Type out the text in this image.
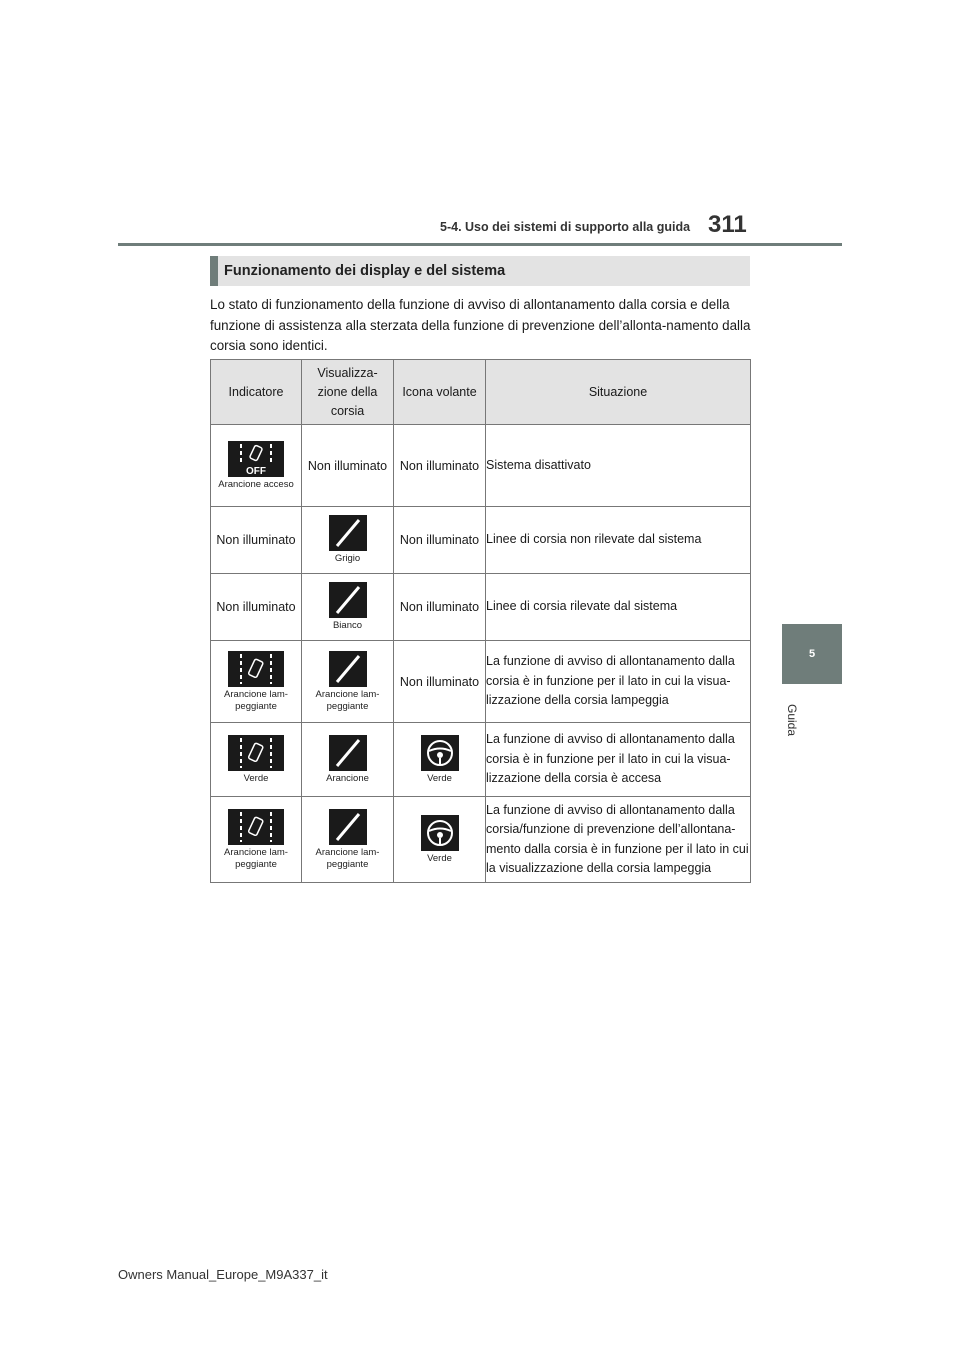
5-4. Uso dei sistemi di supporto alla guida 311
5
Guida
Funzionamento dei display e del sistema
Lo stato di funzionamento della funzione di avviso di allontanamento dalla corsia e della funzione di assistenza alla sterzata della funzione di prevenzione dell’allonta-namento dalla corsia sono identici.
Indicatore	Visualizza-zione della corsia	Icona volante	Situazione

OFF
Arancione acceso	Non illuminato	Non illuminato	Sistema disattivato
Non illuminato	Grigio	Non illuminato	Linee di corsia non rilevate dal sistema
Non illuminato	Bianco	Non illuminato	Linee di corsia rilevate dal sistema

Arancione lam-peggiante	Arancione lam-peggiante	Non illuminato	La funzione di avviso di allontanamento dalla corsia è in funzione per il lato in cui la visua-lizzazione della corsia lampeggia

Verde	Arancione	Verde	La funzione di avviso di allontanamento dalla corsia è in funzione per il lato in cui la visua-lizzazione della corsia è accesa

Arancione lam-peggiante	Arancione lam-peggiante	Verde	La funzione di avviso di allontanamento dalla corsia/funzione di prevenzione dell’allontana-mento dalla corsia è in funzione per il lato in cui la visualizzazione della corsia lampeggia
Owners Manual_Europe_M9A337_it
